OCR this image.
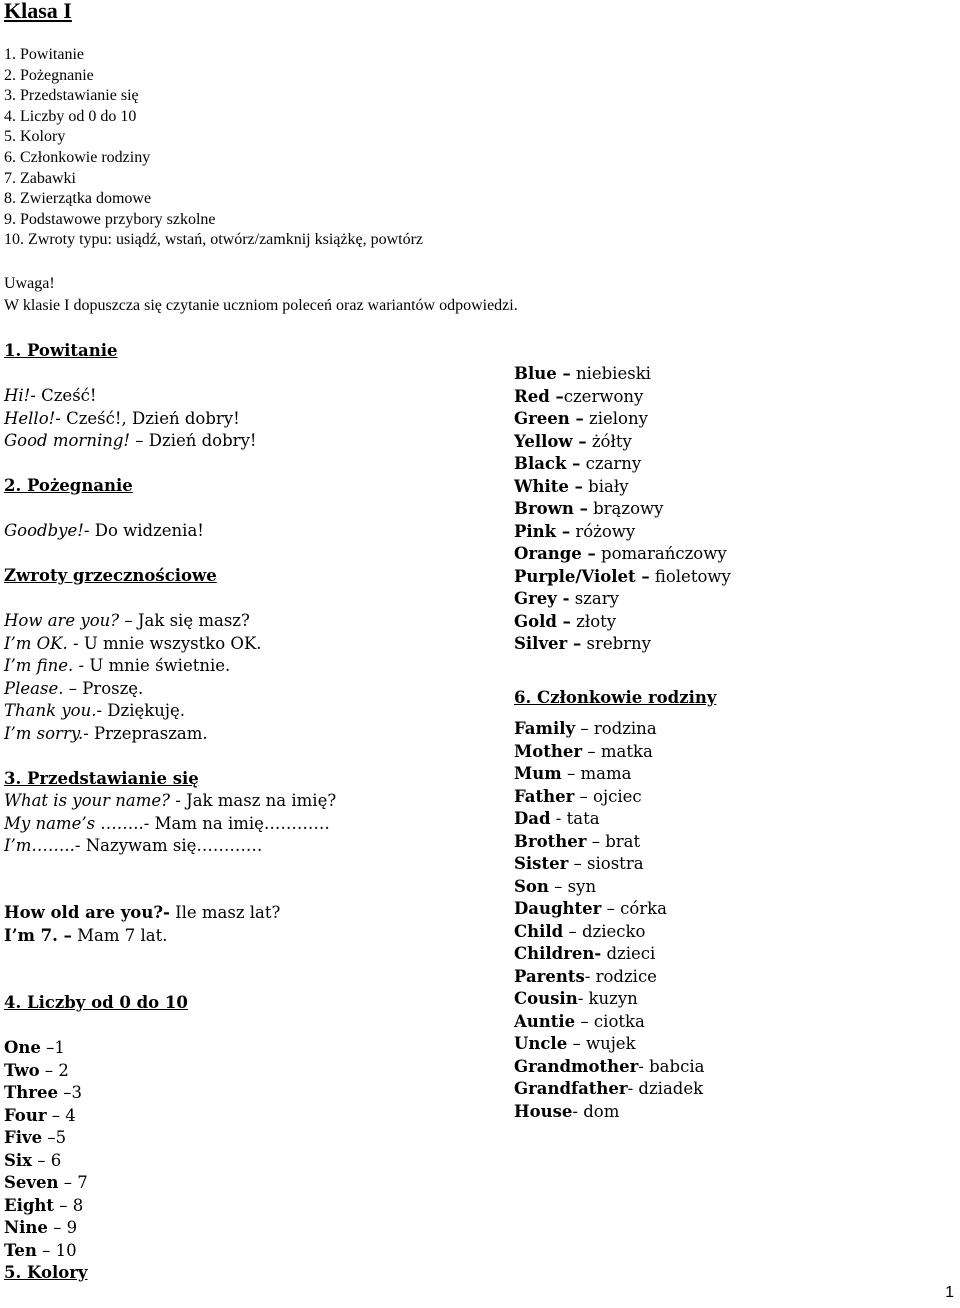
Klasa I
1. Powitanie
2. Pożegnanie
3. Przedstawianie się
4. Liczby od 0 do 10
5. Kolory
6. Członkowie rodziny
7. Zabawki
8. Zwierzątka domowe
9. Podstawowe przybory szkolne
10. Zwroty typu: usiądź, wstań, otwórz/zamknij książkę, powtórz
Uwaga!
W klasie I dopuszcza się czytanie uczniom poleceń oraz wariantów odpowiedzi.
1. Powitanie
Hi!- Cześć!
Hello!- Cześć!, Dzień dobry!
Good morning! – Dzień dobry!
2. Pożegnanie
Goodbye!- Do widzenia!
Zwroty grzecznościowe
How are you? – Jak się masz?
I’m OK. - U mnie wszystko OK.
I’m fine. - U mnie świetnie.
Please. – Proszę.
Thank you.- Dziękuję.
I’m sorry.- Przepraszam.
3. Przedstawianie się
What is your name? - Jak masz na imię?
My name’s ……..- Mam na imię…………
I’m……..- Nazywam się…………
How old are you?- Ile masz lat?
I’m 7. – Mam 7 lat.
4. Liczby od 0 do 10
One –1
Two – 2
Three –3
Four – 4
Five –5
Six – 6
Seven – 7
Eight – 8
Nine – 9
Ten – 10
5. Kolory
Blue – niebieski
Red –czerwony
Green – zielony
Yellow – żółty
Black – czarny
White – biały
Brown – brązowy
Pink – różowy
Orange – pomarańczowy
Purple/Violet – fioletowy
Grey - szary
Gold – złoty
Silver – srebrny
6. Członkowie rodziny
Family – rodzina
Mother – matka
Mum – mama
Father – ojciec
Dad - tata
Brother – brat
Sister – siostra
Son – syn
Daughter – córka
Child – dziecko
Children- dzieci
Parents- rodzice
Cousin- kuzyn
Auntie – ciotka
Uncle – wujek
Grandmother- babcia
Grandfather- dziadek
House- dom
1
